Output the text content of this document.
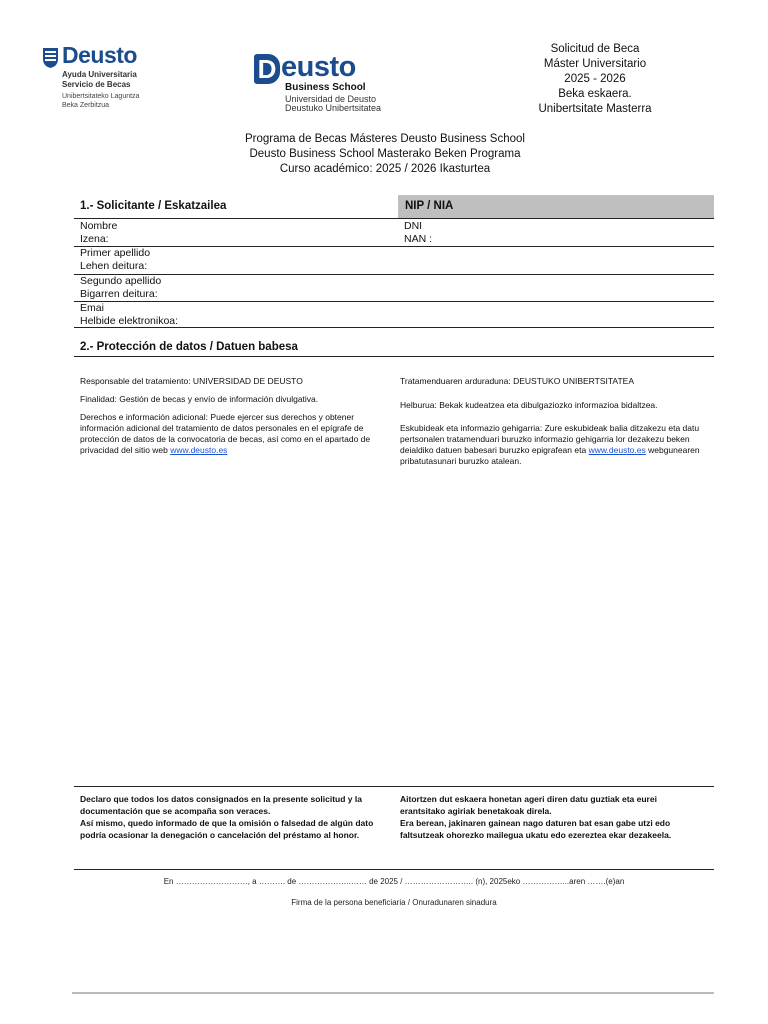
Deusto
Ayuda Universitaria
Servicio de Becas
Unibertsitateko Laguntza
Beka Zerbitzua
D eusto
Business School
Universidad de Deusto
Deustuko Unibertsitatea
Solicitud de Beca
Máster Universitario
2025 - 2026
Beka eskaera.
Unibertsitate Masterra
Programa de Becas Másteres Deusto Business School
Deusto Business School Masterako Beken Programa
Curso académico: 2025 / 2026 Ikasturtea
1.- Solicitante / Eskatzailea	NIP / NIA
Nombre
Izena:
DNI
NAN :
Primer apellido
Lehen deitura:
Segundo apellido
Bigarren deitura:
Emai
Helbide elektronikoa:
2.- Protección de datos / Datuen babesa

Responsable del tratamiento: UNIVERSIDAD DE DEUSTO

Finalidad: Gestión de becas y envío de información divulgativa.

Derechos e información adicional: Puede ejercer sus derechos y obtener información adicional del tratamiento de datos personales en el epígrafe de protección de datos de la convocatoria de becas, así como en el apartado de privacidad del sitio web www.deusto.es

Tratamenduaren arduraduna: DEUSTUKO UNIBERTSITATEA

Helburua: Bekak kudeatzea eta dibulgaziozko informazioa bidaltzea.

Eskubideak eta informazio gehigarria: Zure eskubideak balia ditzakezu eta datu pertsonalen tratamenduari buruzko informazio gehigarria lor dezakezu beken deialdiko datuen babesari buruzko epigrafean eta www.deusto.es webgunearen pribatutasunari buruzko atalean.

Declaro que todos los datos consignados en la presente solicitud y la documentación que se acompaña son veraces.
Así mismo, quedo informado de que la omisión o falsedad de algún dato podría ocasionar la denegación o cancelación del préstamo al honor.
Aitortzen dut eskaera honetan ageri diren datu guztiak eta eurei erantsitako agiriak benetakoak direla.
Era berean, jakinaren gainean nago daturen bat esan gabe utzi edo faltsutzeak ohorezko mailegua ukatu edo ezereztea ekar dezakeela.
En ………………………, a ………. de ………………..…… de 2025 / …………………….. (n), 2025eko ……………...aren …….(e)an
Firma de la persona beneficiaria / Onuradunaren sinadura
